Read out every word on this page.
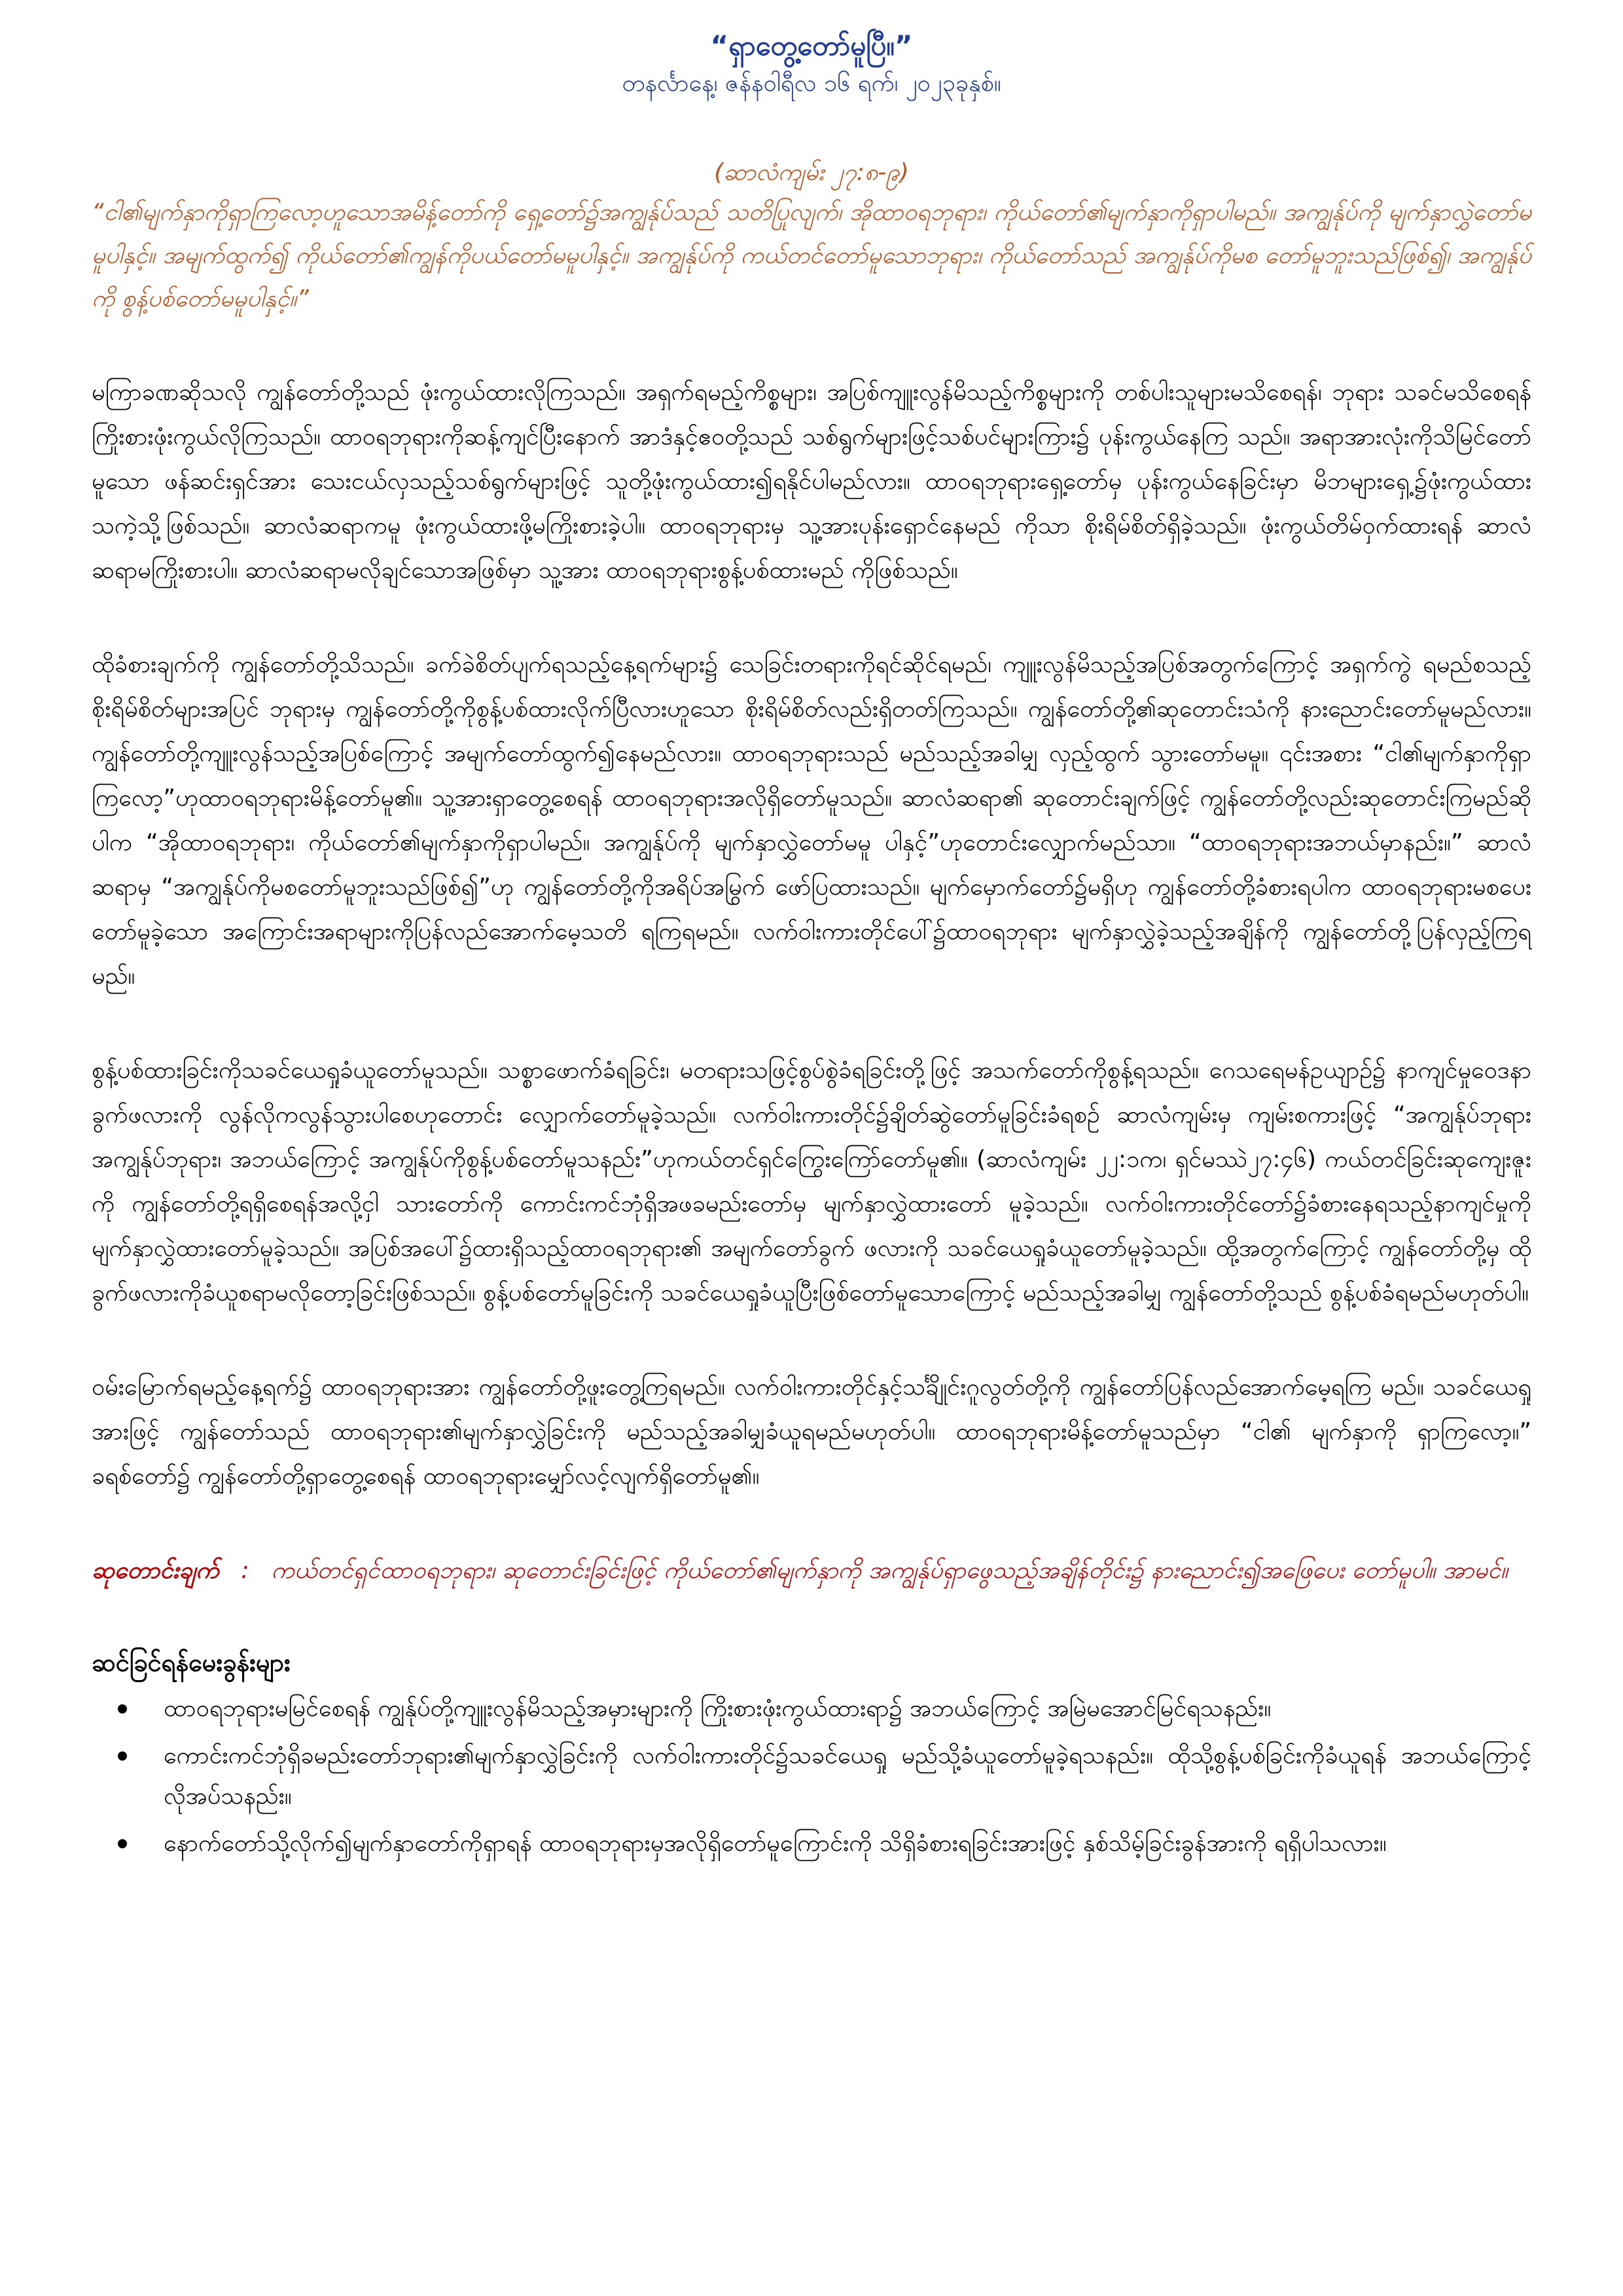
“ရှာတွေ့တော်မူပြီ။”

တနင်္လာနေ့၊ ဇန်နဝါရီလ ၁၆ ရက်၊ ၂၀၂၃ခုနှစ်။

(ဆာလံကျမ်း ၂၇:၈-၉)

“ငါ၏မျက်နှာကိုရှာကြလော့ဟူသောအမိန့်တော်ကို ရှေ့တော်၌အကျွန်ုပ်သည် သတိပြုလျက်၊ အိုထာဝရဘုရား၊ ကိုယ်တော်၏မျက်နှာကိုရှာပါမည်။ အကျွန်ုပ်ကို မျက်နှာလွှဲတော်မမူပါနှင့်။ အမျက်ထွက်၍ ကိုယ်တော်၏ကျွန်ကိုပယ်တော်မမူပါနှင့်။ အကျွန်ုပ်ကို ကယ်တင်တော်မူသောဘုရား၊ ကိုယ်တော်သည် အကျွန်ုပ်ကိုမစ တော်မူဘူးသည်ဖြစ်၍၊ အကျွန်ုပ်ကို စွန့်ပစ်တော်မမူပါနှင့်။”

မကြာခဏဆိုသလို ကျွန်တော်တို့သည် ဖုံးကွယ်ထားလိုကြသည်။ အရှက်ရမည့်ကိစ္စများ၊ အပြစ်ကျူးလွန်မိသည့်ကိစ္စများကို တစ်ပါးသူများမသိစေရန်၊ ဘုရား သခင်မသိစေရန် ကြိုးစားဖုံးကွယ်လိုကြသည်။ ထာဝရဘုရားကိုဆန့်ကျင်ပြီးနောက် အာဒံနှင့်ဧဝတို့သည် သစ်ရွက်များဖြင့်သစ်ပင်များကြား၌ ပုန်းကွယ်နေကြ သည်။ အရာအားလုံးကိုသိမြင်တော်မူသော ဖန်ဆင်းရှင်အား သေးငယ်လှသည့်သစ်ရွက်များဖြင့် သူတို့ဖုံးကွယ်ထား၍ရနိုင်ပါမည်လား။ ထာဝရဘုရားရှေ့တော်မှ ပုန်းကွယ်နေခြင်းမှာ မိဘများရှေ့၌ဖုံးကွယ်ထားသကဲ့သို့ဖြစ်သည်။ ဆာလံဆရာကမူ ဖုံးကွယ်ထားဖို့မကြိုးစားခဲ့ပါ။ ထာဝရဘုရားမှ သူ့အားပုန်းရှောင်နေမည် ကိုသာ စိုးရိမ်စိတ်ရှိခဲ့သည်။ ဖုံးကွယ်တိမ်ဝှက်ထားရန် ဆာလံဆရာမကြိုးစားပါ။ ဆာလံဆရာမလိုချင်သောအဖြစ်မှာ သူ့အား ထာဝရဘုရားစွန့်ပစ်ထားမည် ကိုဖြစ်သည်။

ထိုခံစားချက်ကို ကျွန်တော်တို့သိသည်။ ခက်ခဲစိတ်ပျက်ရသည့်နေ့ရက်များ၌ သေခြင်းတရားကိုရင်ဆိုင်ရမည်၊ ကျူးလွန်မိသည့်အပြစ်အတွက်ကြောင့် အရှက်ကွဲ ရမည်စသည့်စိုးရိမ်စိတ်များအပြင် ဘုရားမှ ကျွန်တော်တို့ကိုစွန့်ပစ်ထားလိုက်ပြီလားဟူသော စိုးရိမ်စိတ်လည်းရှိတတ်ကြသည်။ ကျွန်တော်တို့၏ဆုတောင်းသံကို နားညောင်းတော်မူမည်လား။ ကျွန်တော်တို့ကျူးလွန်သည့်အပြစ်ကြောင့် အမျက်တော်ထွက်၍နေမည်လား။ ထာဝရဘုရားသည် မည်သည့်အခါမျှ လှည့်ထွက် သွားတော်မမူ။ ၎င်းအစား “ငါ၏မျက်နှာကိုရှာကြလော့”ဟုထာဝရဘုရားမိန့်တော်မူ၏။ သူ့အားရှာတွေ့စေရန် ထာဝရဘုရားအလိုရှိတော်မူသည်။ ဆာလံဆရာ၏ ဆုတောင်းချက်ဖြင့် ကျွန်တော်တို့လည်းဆုတောင်းကြမည်ဆိုပါက “အိုထာဝရဘုရား၊ ကိုယ်တော်၏မျက်နှာကိုရှာပါမည်။ အကျွန်ုပ်ကို မျက်နှာလွှဲတော်မမူ ပါနှင့်”ဟုတောင်းလျှောက်မည်သာ။ “ထာဝရဘုရားအဘယ်မှာနည်း။” ဆာလံဆရာမှ “အကျွန်ုပ်ကိုမစတော်မူဘူးသည်ဖြစ်၍”ဟု ကျွန်တော်တို့ကိုအရိပ်အမြွက် ဖော်ပြထားသည်။ မျက်မှောက်တော်၌မရှိဟု ကျွန်တော်တို့ခံစားရပါက ထာဝရဘုရားမစပေးတော်မူခဲ့သော အကြောင်းအရာများကိုပြန်လည်အောက်မေ့သတိ ရကြရမည်။ လက်ဝါးကားတိုင်ပေါ်၌ထာဝရဘုရား မျက်နှာလွှဲခဲ့သည့်အချိန်ကို ကျွန်တော်တို့ပြန်လှည့်ကြရမည်။

စွန့်ပစ်ထားခြင်းကိုသခင်ယေရှုခံယူတော်မူသည်။ သစ္စာဖောက်ခံရခြင်း၊ မတရားသဖြင့်စွပ်စွဲခံရခြင်းတို့ဖြင့် အသက်တော်ကိုစွန့်ရသည်။ ဂေသရေမန်ဥယျာဉ်၌ နာကျင်မှုဝေဒနာခွက်ဖလားကို လွန်လိုကလွန်သွားပါစေဟုတောင်း လျှောက်တော်မူခဲ့သည်။ လက်ဝါးကားတိုင်၌ချိတ်ဆွဲတော်မူခြင်းခံရစဉ် ဆာလံကျမ်းမှ ကျမ်းစကားဖြင့် “အကျွန်ုပ်ဘုရား အကျွန်ုပ်ဘုရား၊ အဘယ်ကြောင့် အကျွန်ုပ်ကိုစွန့်ပစ်တော်မူသနည်း”ဟုကယ်တင်ရှင်ကြွေးကြော်တော်မူ၏။ (ဆာလံကျမ်း ၂၂:၁က၊ ရှင်မဿဲ၂၇:၄၆) ကယ်တင်ခြင်းဆုကျေးဇူးကို ကျွန်တော်တို့ရရှိစေရန်အလို့ငှါ သားတော်ကို ကောင်းကင်ဘုံရှိအဖခမည်းတော်မှ မျက်နှာလွှဲထားတော် မူခဲ့သည်။ လက်ဝါးကားတိုင်တော်၌ခံစားနေရသည့်နာကျင်မှုကို မျက်နှာလွှဲထားတော်မူခဲ့သည်။ အပြစ်အပေါ်၌ထားရှိသည့်ထာဝရဘုရား၏ အမျက်တော်ခွက် ဖလားကို သခင်ယေရှုခံယူတော်မူခဲ့သည်။ ထို့အတွက်ကြောင့် ကျွန်တော်တို့မှ ထိုခွက်ဖလားကိုခံယူစရာမလိုတော့ခြင်းဖြစ်သည်။ စွန့်ပစ်တော်မူခြင်းကို သခင်ယေရှုခံယူပြီးဖြစ်တော်မူသောကြောင့် မည်သည့်အခါမျှ ကျွန်တော်တို့သည် စွန့်ပစ်ခံရမည်မဟုတ်ပါ။

ဝမ်းမြောက်ရမည့်နေ့ရက်၌ ထာဝရဘုရားအား ကျွန်တော်တို့ဖူးတွေ့ကြရမည်။ လက်ဝါးကားတိုင်နှင့်သင်္ချိုင်းဂူလွတ်တို့ကို ကျွန်တော်ပြန်လည်အောက်မေ့ရကြ မည်။ သခင်ယေရှုအားဖြင့် ကျွန်တော်သည် ထာဝရဘုရား၏မျက်နှာလွှဲခြင်းကို မည်သည့်အခါမျှခံယူရမည်မဟုတ်ပါ။ ထာဝရဘုရားမိန့်တော်မူသည်မှာ “ငါ၏ မျက်နှာကို ရှာကြလော့။” ခရစ်တော်၌ ကျွန်တော်တို့ရှာတွေ့စေရန် ထာဝရဘုရားမျှော်လင့်လျက်ရှိတော်မူ၏။

ဆုတောင်းချက် : ကယ်တင်ရှင်ထာဝရဘုရား၊ ဆုတောင်းခြင်းဖြင့် ကိုယ်တော်၏မျက်နှာကို အကျွန်ုပ်ရှာဖွေသည့်အချိန်တိုင်း၌ နားညောင်း၍အဖြေပေး တော်မူပါ။ အာမင်။

ဆင်ခြင်ရန်မေးခွန်းများ

ထာဝရဘုရားမမြင်စေရန် ကျွန်ုပ်တို့ကျူးလွန်မိသည့်အမှားများကို ကြိုးစားဖုံးကွယ်ထားရာ၌ အဘယ်ကြောင့် အမြဲမအောင်မြင်ရသနည်း။
ကောင်းကင်ဘုံရှိခမည်းတော်ဘုရား၏မျက်နှာလွှဲခြင်းကို လက်ဝါးကားတိုင်၌သခင်ယေရှု မည်သို့ခံယူတော်မူခဲ့ရသနည်း။ ထိုသို့စွန့်ပစ်ခြင်းကိုခံယူရန် အဘယ်ကြောင့်လိုအပ်သနည်း။
နောက်တော်သို့လိုက်၍မျက်နှာတော်ကိုရှာရန် ထာဝရဘုရားမှအလိုရှိတော်မူကြောင်းကို သိရှိခံစားရခြင်းအားဖြင့် နှစ်သိမ့်ခြင်းခွန်အားကို ရရှိပါသလား။
